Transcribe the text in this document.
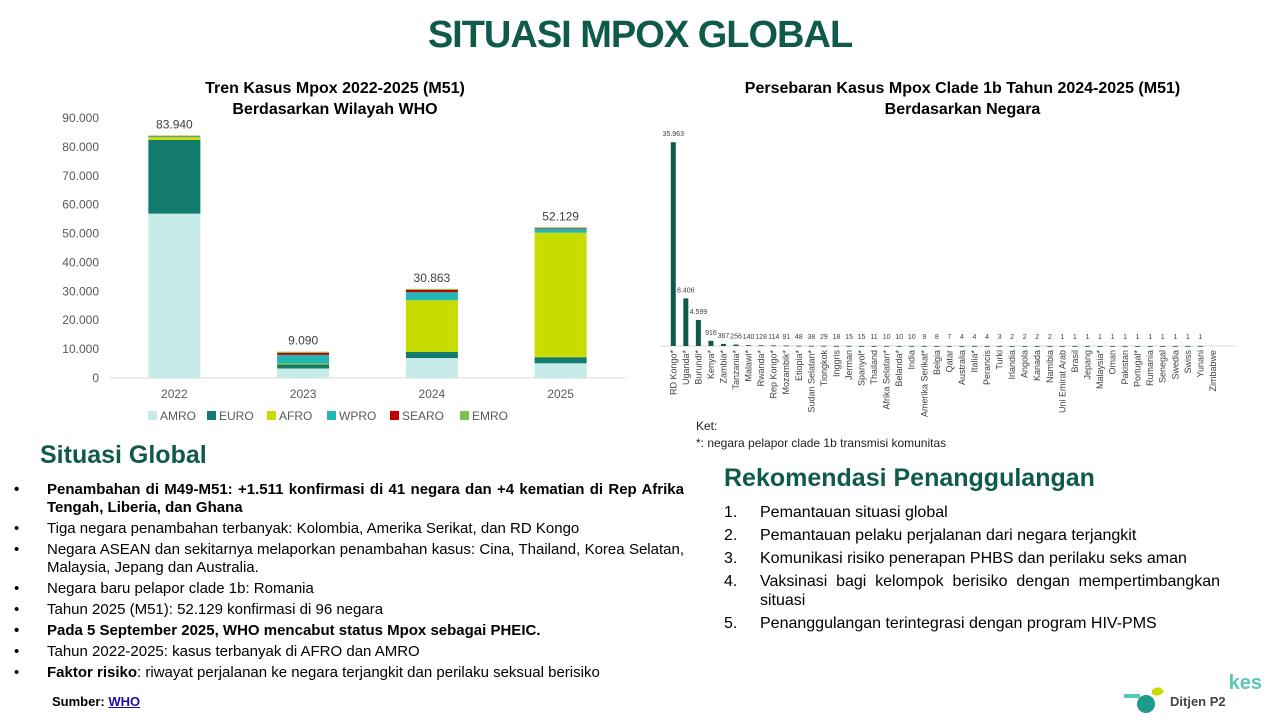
SITUASI MPOX GLOBAL
Tren Kasus Mpox 2022-2025 (M51)
Berdasarkan Wilayah WHO
0
10.000
20.000
30.000
40.000
50.000
60.000
70.000
80.000
90.000	83.940
2022
9.090
2023
30.863
2024
52.129
2025
AMRO EURO AFRO WPRO SEARO EMRO
Persebaran Kasus Mpox Clade 1b Tahun 2024-2025 (M51)
Berdasarkan Negara
35.963
RD Kongo*
8.406
Uganda*
4.599
Burundi*
916
Kenya*
367
Zambia*
256
Tanzania*
140
Malawi*
128
Rwanda*
114
Rep Kongo*
91
Mozambik*
48
Etiopia*
38
Sudan Selatan*
29
Tiongkok
18
Inggris
15
Jerman
15
Spanyol*
11
Thailand
10
Afrika Selatan*
10
Belanda*
10
India
9
Amerika Serikat*
8
Belgia
7
Qatar
4
Australia
4
Italia*
4
Perancis
3
Turki
2
Irlandia
2
Angola
2
Kanada
2
Namibia
1
Uni Emirat Arab
1
Brasil
1
Jepang
1
Malaysia*
1
Oman
1
Pakistan
1
Portugal*
1
Rumania
1
Senegal
1
Swedia
1
Swiss
1
Yunani Zimbabwe
Ket:
*: negara pelapor clade 1b transmisi komunitas
Situasi Global
• Penambahan di M49-M51: +1.511 konfirmasi di 41 negara dan +4 kematian di Rep Afrika Tengah, Liberia, dan Ghana
• Tiga negara penambahan terbanyak: Kolombia, Amerika Serikat, dan RD Kongo
• Negara ASEAN dan sekitarnya melaporkan penambahan kasus: Cina, Thailand, Korea Selatan, Malaysia, Jepang dan Australia.
• Negara baru pelapor clade 1b: Romania
• Tahun 2025 (M51): 52.129 konfirmasi di 96 negara
• Pada 5 September 2025, WHO mencabut status Mpox sebagai PHEIC.
• Tahun 2022-2025: kasus terbanyak di AFRO dan AMRO
• Faktor risiko: riwayat perjalanan ke negara terjangkit dan perilaku seksual berisiko
Rekomendasi Penanggulangan
1. Pemantauan situasi global
2. Pemantauan pelaku perjalanan dari negara terjangkit
3. Komunikasi risiko penerapan PHBS dan perilaku seks aman
4. Vaksinasi bagi kelompok berisiko dengan mempertimbangkan situasi
5. Penanggulangan terintegrasi dengan program HIV-PMS
Sumber: WHO
kes
Ditjen P2
